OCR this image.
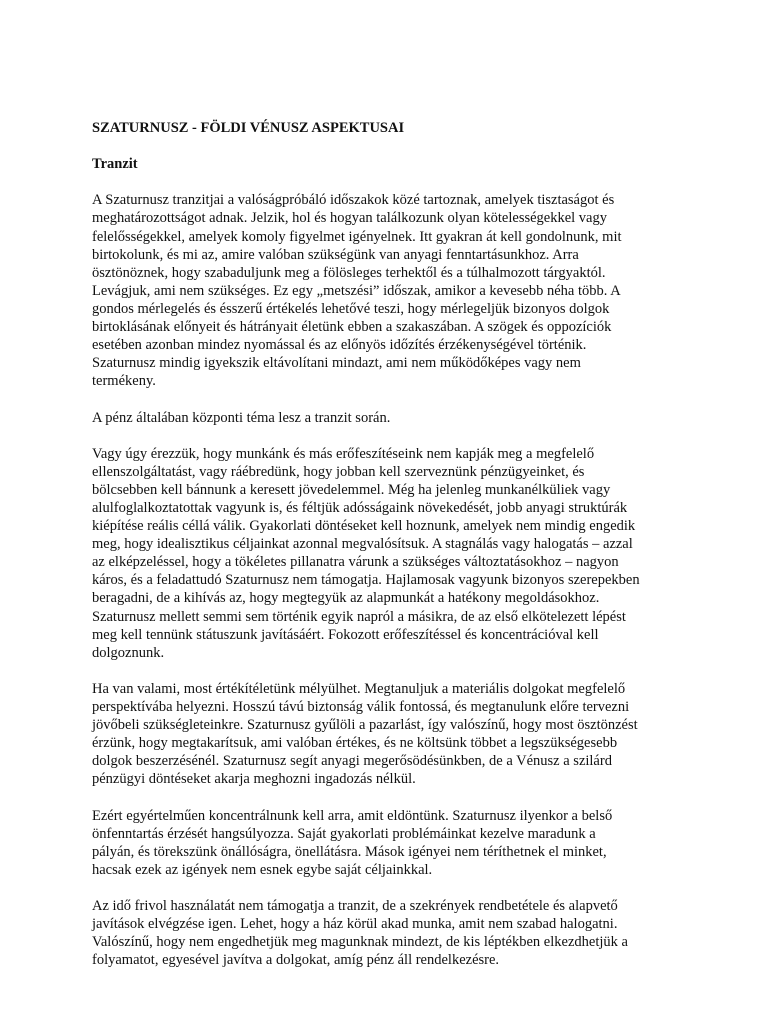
SZATURNUSZ - FÖLDI VÉNUSZ ASPEKTUSAI
Tranzit
A Szaturnusz tranzitjai a valóságpróbáló időszakok közé tartoznak, amelyek tisztaságot és
meghatározottságot adnak. Jelzik, hol és hogyan találkozunk olyan kötelességekkel vagy
felelősségekkel, amelyek komoly figyelmet igényelnek. Itt gyakran át kell gondolnunk, mit
birtokolunk, és mi az, amire valóban szükségünk van anyagi fenntartásunkhoz. Arra
ösztönöznek, hogy szabaduljunk meg a fölösleges terhektől és a túlhalmozott tárgyaktól.
Levágjuk, ami nem szükséges. Ez egy „metszési” időszak, amikor a kevesebb néha több. A
gondos mérlegelés és ésszerű értékelés lehetővé teszi, hogy mérlegeljük bizonyos dolgok
birtoklásának előnyeit és hátrányait életünk ebben a szakaszában. A szögek és oppozíciók
esetében azonban mindez nyomással és az előnyös időzítés érzékenységével történik.
Szaturnusz mindig igyekszik eltávolítani mindazt, ami nem működőképes vagy nem
termékeny.
A pénz általában központi téma lesz a tranzit során.
Vagy úgy érezzük, hogy munkánk és más erőfeszítéseink nem kapják meg a megfelelő
ellenszolgáltatást, vagy ráébredünk, hogy jobban kell szerveznünk pénzügyeinket, és
bölcsebben kell bánnunk a keresett jövedelemmel. Még ha jelenleg munkanélküliek vagy
alulfoglalkoztatottak vagyunk is, és féltjük adósságaink növekedését, jobb anyagi struktúrák
kiépítése reális céllá válik. Gyakorlati döntéseket kell hoznunk, amelyek nem mindig engedik
meg, hogy idealisztikus céljainkat azonnal megvalósítsuk. A stagnálás vagy halogatás – azzal
az elképzeléssel, hogy a tökéletes pillanatra várunk a szükséges változtatásokhoz – nagyon
káros, és a feladattudó Szaturnusz nem támogatja. Hajlamosak vagyunk bizonyos szerepekben
beragadni, de a kihívás az, hogy megtegyük az alapmunkát a hatékony megoldásokhoz.
Szaturnusz mellett semmi sem történik egyik napról a másikra, de az első elkötelezett lépést
meg kell tennünk státuszunk javításáért. Fokozott erőfeszítéssel és koncentrációval kell
dolgoznunk.
Ha van valami, most értékítéletünk mélyülhet. Megtanuljuk a materiális dolgokat megfelelő
perspektívába helyezni. Hosszú távú biztonság válik fontossá, és megtanulunk előre tervezni
jövőbeli szükségleteinkre. Szaturnusz gyűlöli a pazarlást, így valószínű, hogy most ösztönzést
érzünk, hogy megtakarítsuk, ami valóban értékes, és ne költsünk többet a legszükségesebb
dolgok beszerzésénél. Szaturnusz segít anyagi megerősödésünkben, de a Vénusz a szilárd
pénzügyi döntéseket akarja meghozni ingadozás nélkül.
Ezért egyértelműen koncentrálnunk kell arra, amit eldöntünk. Szaturnusz ilyenkor a belső
önfenntartás érzését hangsúlyozza. Saját gyakorlati problémáinkat kezelve maradunk a
pályán, és törekszünk önállóságra, önellátásra. Mások igényei nem téríthetnek el minket,
hacsak ezek az igények nem esnek egybe saját céljainkkal.
Az idő frivol használatát nem támogatja a tranzit, de a szekrények rendbetétele és alapvető
javítások elvégzése igen. Lehet, hogy a ház körül akad munka, amit nem szabad halogatni.
Valószínű, hogy nem engedhetjük meg magunknak mindezt, de kis léptékben elkezdhetjük a
folyamatot, egyesével javítva a dolgokat, amíg pénz áll rendelkezésre.
